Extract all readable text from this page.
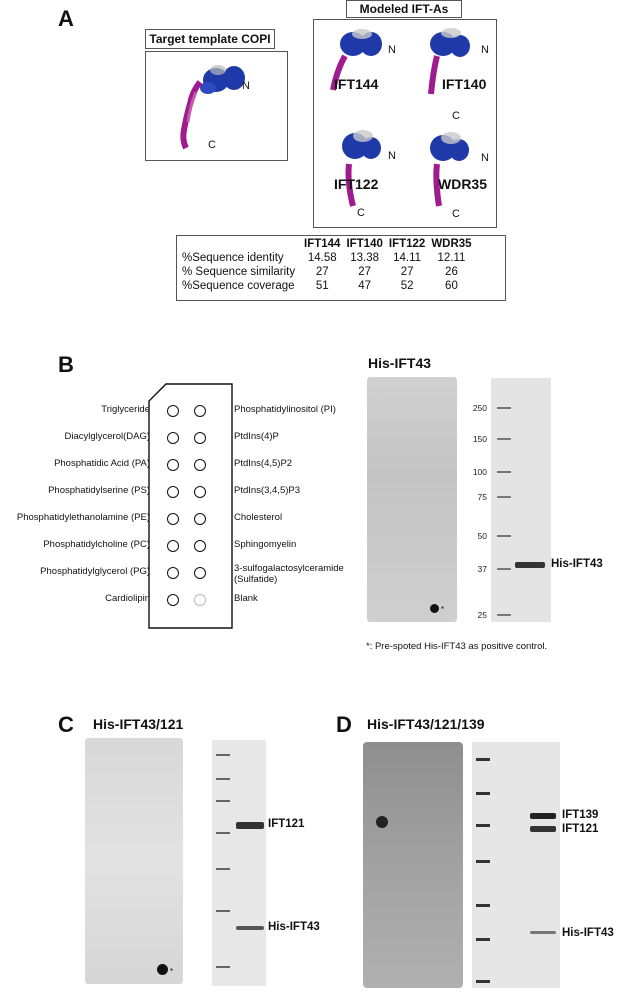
A
Target template COPI
N
C
Modeled IFT-As
N
IFT144
N
IFT140
C
N
IFT122
C
N
WDR35
C
	IFT144	IFT140	IFT122	WDR35
%Sequence identity	14.58	13.38	14.11	12.11
% Sequence similarity	27	27	27	26
%Sequence coverage	51	47	52	60
B
Triglyceride
Diacylglycerol(DAG)
Phosphatidic Acid (PA)
Phosphatidylserine (PS)
Phosphatidylethanolamine (PE)
Phosphatidylcholine (PC)
Phosphatidylglycerol (PG)
Cardiolipin
Phosphatidylinositol (PI)
PtdIns(4)P
PtdIns(4,5)P2
PtdIns(3,4,5)P3
Cholesterol
Sphingomyelin
3-sulfogalactosylceramide
(Sulfatide)
Blank
His-IFT43
*
250
150
100
75
50
37
25
His-IFT43
*: Pre-spoted His-IFT43 as positive control.
C His-IFT43/121
*
IFT121
His-IFT43
D His-IFT43/121/139
IFT139
IFT121
His-IFT43
